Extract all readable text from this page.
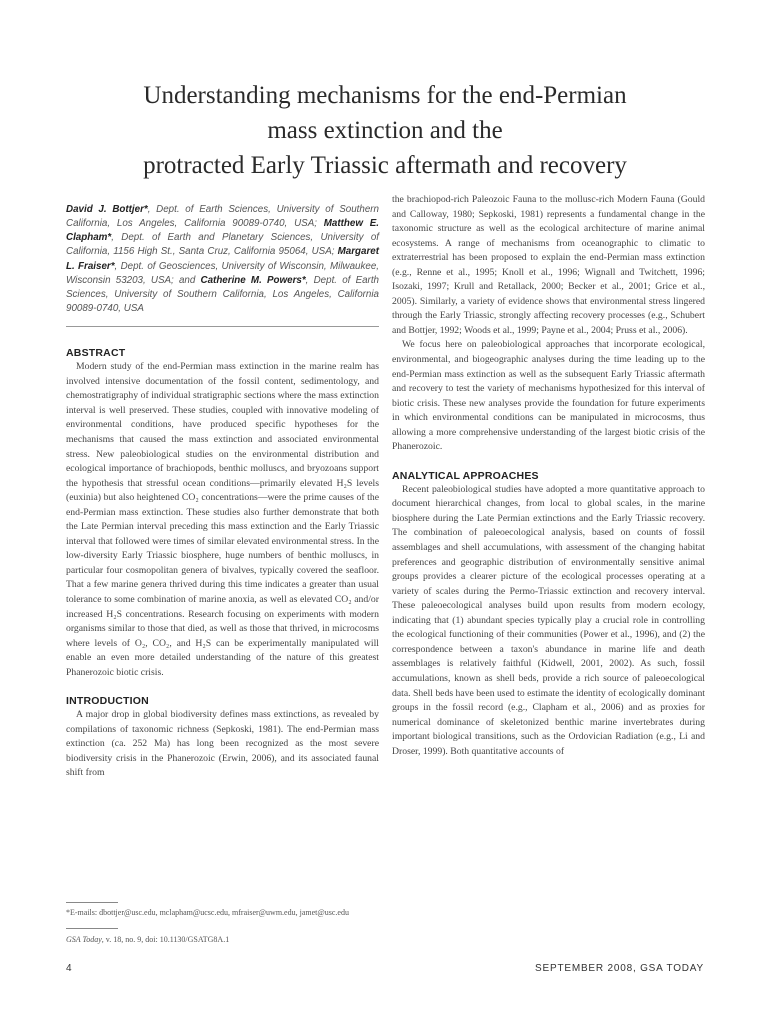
Understanding mechanisms for the end-Permian
mass extinction and the
protracted Early Triassic aftermath and recovery

David J. Bottjer*, Dept. of Earth Sciences, University of Southern California, Los Angeles, California 90089-0740, USA; Matthew E. Clapham*, Dept. of Earth and Planetary Sciences, University of California, 1156 High St., Santa Cruz, California 95064, USA; Margaret L. Fraiser*, Dept. of Geosciences, University of Wisconsin, Milwaukee, Wisconsin 53203, USA; and Catherine M. Powers*, Dept. of Earth Sciences, University of Southern California, Los Angeles, California 90089-0740, USA

ABSTRACT

Modern study of the end-Permian mass extinction in the marine realm has involved intensive documentation of the fossil content, sedimentology, and chemostratigraphy of individual stratigraphic sections where the mass extinction interval is well preserved. These studies, coupled with innovative modeling of environmental conditions, have produced specific hypotheses for the mechanisms that caused the mass extinction and associated environmental stress. New paleobiological studies on the environmental distribution and ecological importance of brachiopods, benthic molluscs, and bryozoans support the hypothesis that stressful ocean conditions—primarily elevated H₂S levels (euxinia) but also heightened CO₂ concentrations—were the prime causes of the end-Permian mass extinction. These studies also further demonstrate that both the Late Permian interval preceding this mass extinction and the Early Triassic interval that followed were times of similar elevated environmental stress. In the low-diversity Early Triassic biosphere, huge numbers of benthic molluscs, in particular four cosmopolitan genera of bivalves, typically covered the seafloor. That a few marine genera thrived during this time indicates a greater than usual tolerance to some combination of marine anoxia, as well as elevated CO₂ and/or increased H₂S concentrations. Research focusing on experiments with modern organisms similar to those that died, as well as those that thrived, in microcosms where levels of O₂, CO₂, and H₂S can be experimentally manipulated will enable an even more detailed understanding of the nature of this greatest Phanerozoic biotic crisis.

INTRODUCTION

A major drop in global biodiversity defines mass extinctions, as revealed by compilations of taxonomic richness (Sepkoski, 1981). The end-Permian mass extinction (ca. 252 Ma) has long been recognized as the most severe biodiversity crisis in the Phanerozoic (Erwin, 2006), and its associated faunal shift from

the brachiopod-rich Paleozoic Fauna to the mollusc-rich Modern Fauna (Gould and Calloway, 1980; Sepkoski, 1981) represents a fundamental change in the taxonomic structure as well as the ecological architecture of marine animal ecosystems. A range of mechanisms from oceanographic to climatic to extraterrestrial has been proposed to explain the end-Permian mass extinction (e.g., Renne et al., 1995; Knoll et al., 1996; Wignall and Twitchett, 1996; Isozaki, 1997; Krull and Retallack, 2000; Becker et al., 2001; Grice et al., 2005). Similarly, a variety of evidence shows that environmental stress lingered through the Early Triassic, strongly affecting recovery processes (e.g., Schubert and Bottjer, 1992; Woods et al., 1999; Payne et al., 2004; Pruss et al., 2006).

We focus here on paleobiological approaches that incorporate ecological, environmental, and biogeographic analyses during the time leading up to the end-Permian mass extinction as well as the subsequent Early Triassic aftermath and recovery to test the variety of mechanisms hypothesized for this interval of biotic crisis. These new analyses provide the foundation for future experiments in which environmental conditions can be manipulated in microcosms, thus allowing a more comprehensive understanding of the largest biotic crisis of the Phanerozoic.

ANALYTICAL APPROACHES

Recent paleobiological studies have adopted a more quantitative approach to document hierarchical changes, from local to global scales, in the marine biosphere during the Late Permian extinctions and the Early Triassic recovery. The combination of paleoecological analysis, based on counts of fossil assemblages and shell accumulations, with assessment of the changing habitat preferences and geographic distribution of environmentally sensitive animal groups provides a clearer picture of the ecological processes operating at a variety of scales during the Permo-Triassic extinction and recovery interval. These paleoecological analyses build upon results from modern ecology, indicating that (1) abundant species typically play a crucial role in controlling the ecological functioning of their communities (Power et al., 1996), and (2) the correspondence between a taxon's abundance in marine life and death assemblages is relatively faithful (Kidwell, 2001, 2002). As such, fossil accumulations, known as shell beds, provide a rich source of paleoecological data. Shell beds have been used to estimate the identity of ecologically dominant groups in the fossil record (e.g., Clapham et al., 2006) and as proxies for numerical dominance of skeletonized benthic marine invertebrates during important biological transitions, such as the Ordovician Radiation (e.g., Li and Droser, 1999). Both quantitative accounts of

*E-mails: dbottjer@usc.edu, mclapham@ucsc.edu, mfraiser@uwm.edu, jamet@usc.edu
GSA Today, v. 18, no. 9, doi: 10.1130/GSATG8A.1
4	SEPTEMBER 2008, GSA TODAY
